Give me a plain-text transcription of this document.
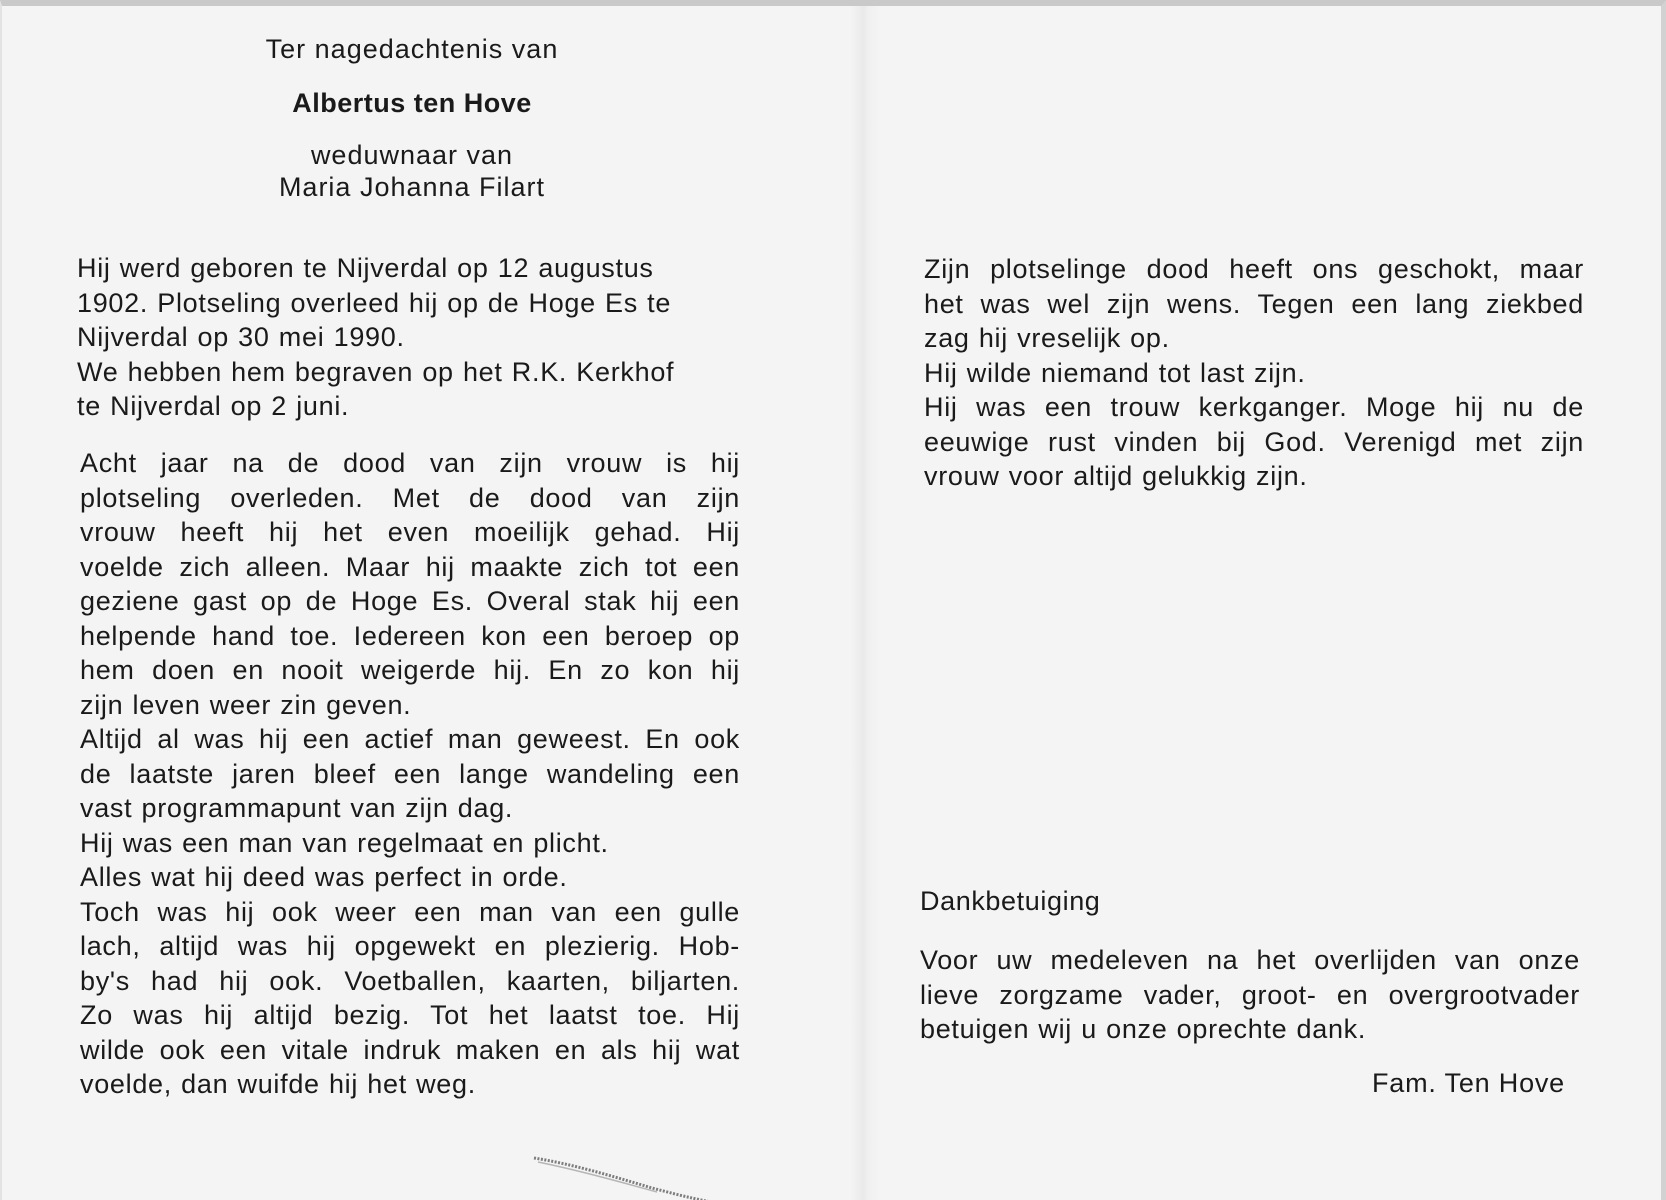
Ter nagedachtenis van
Albertus ten Hove
weduwnaar van
Maria Johanna Filart
Hij werd geboren te Nijverdal op 12 augustus
1902. Plotseling overleed hij op de Hoge Es te
Nijverdal op 30 mei 1990.
We hebben hem begraven op het R.K. Kerkhof
te Nijverdal op 2 juni.
Acht jaar na de dood van zijn vrouw is hij
plotseling overleden. Met de dood van zijn
vrouw heeft hij het even moeilijk gehad. Hij
voelde zich alleen. Maar hij maakte zich tot een
geziene gast op de Hoge Es. Overal stak hij een
helpende hand toe. Iedereen kon een beroep op
hem doen en nooit weigerde hij. En zo kon hij
zijn leven weer zin geven.
Altijd al was hij een actief man geweest. En ook
de laatste jaren bleef een lange wandeling een
vast programmapunt van zijn dag.
Hij was een man van regelmaat en plicht.
Alles wat hij deed was perfect in orde.
Toch was hij ook weer een man van een gulle
lach, altijd was hij opgewekt en plezierig. Hob-
by's had hij ook. Voetballen, kaarten, biljarten.
Zo was hij altijd bezig. Tot het laatst toe. Hij
wilde ook een vitale indruk maken en als hij wat
voelde, dan wuifde hij het weg.
Zijn plotselinge dood heeft ons geschokt, maar
het was wel zijn wens. Tegen een lang ziekbed
zag hij vreselijk op.
Hij wilde niemand tot last zijn.
Hij was een trouw kerkganger. Moge hij nu de
eeuwige rust vinden bij God. Verenigd met zijn
vrouw voor altijd gelukkig zijn.
Dankbetuiging
Voor uw medeleven na het overlijden van onze
lieve zorgzame vader, groot- en overgrootvader
betuigen wij u onze oprechte dank.
Fam. Ten Hove
